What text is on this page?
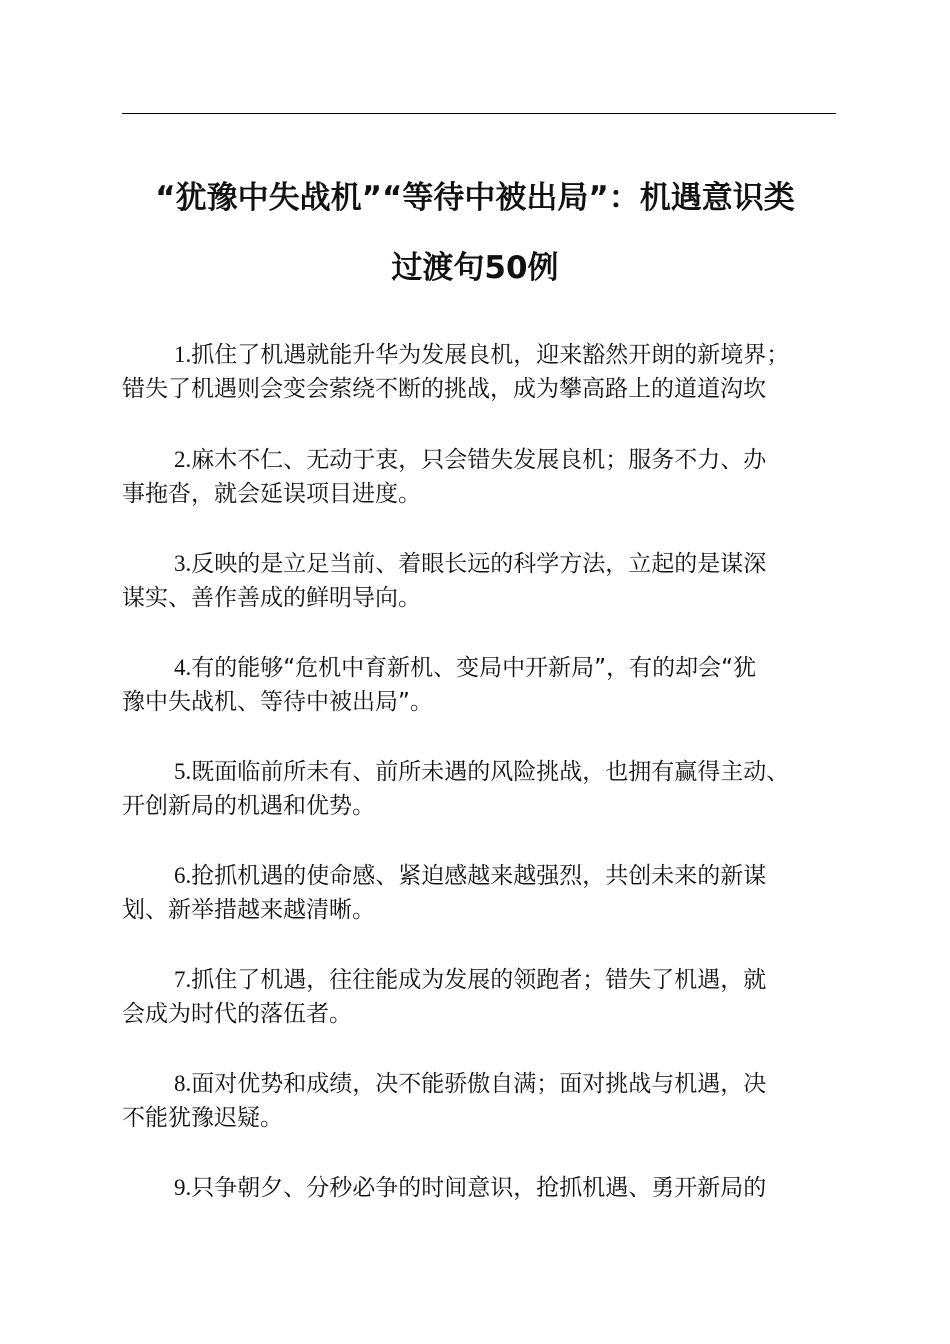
“犹豫中失战机”“等待中被出局”：机遇意识类
过渡句50例
1.抓住了机遇就能升华为发展良机，迎来豁然开朗的新境界；
错失了机遇则会变会萦绕不断的挑战，成为攀高路上的道道沟坎
2.麻木不仁、无动于衷，只会错失发展良机；服务不力、办
事拖沓，就会延误项目进度。
3.反映的是立足当前、着眼长远的科学方法，立起的是谋深
谋实、善作善成的鲜明导向。
4.有的能够“危机中育新机、变局中开新局”，有的却会“犹
豫中失战机、等待中被出局”。
5.既面临前所未有、前所未遇的风险挑战，也拥有赢得主动、
开创新局的机遇和优势。
6.抢抓机遇的使命感、紧迫感越来越强烈，共创未来的新谋
划、新举措越来越清晰。
7.抓住了机遇，往往能成为发展的领跑者；错失了机遇，就
会成为时代的落伍者。
8.面对优势和成绩，决不能骄傲自满；面对挑战与机遇，决
不能犹豫迟疑。
9.只争朝夕、分秒必争的时间意识，抢抓机遇、勇开新局的
